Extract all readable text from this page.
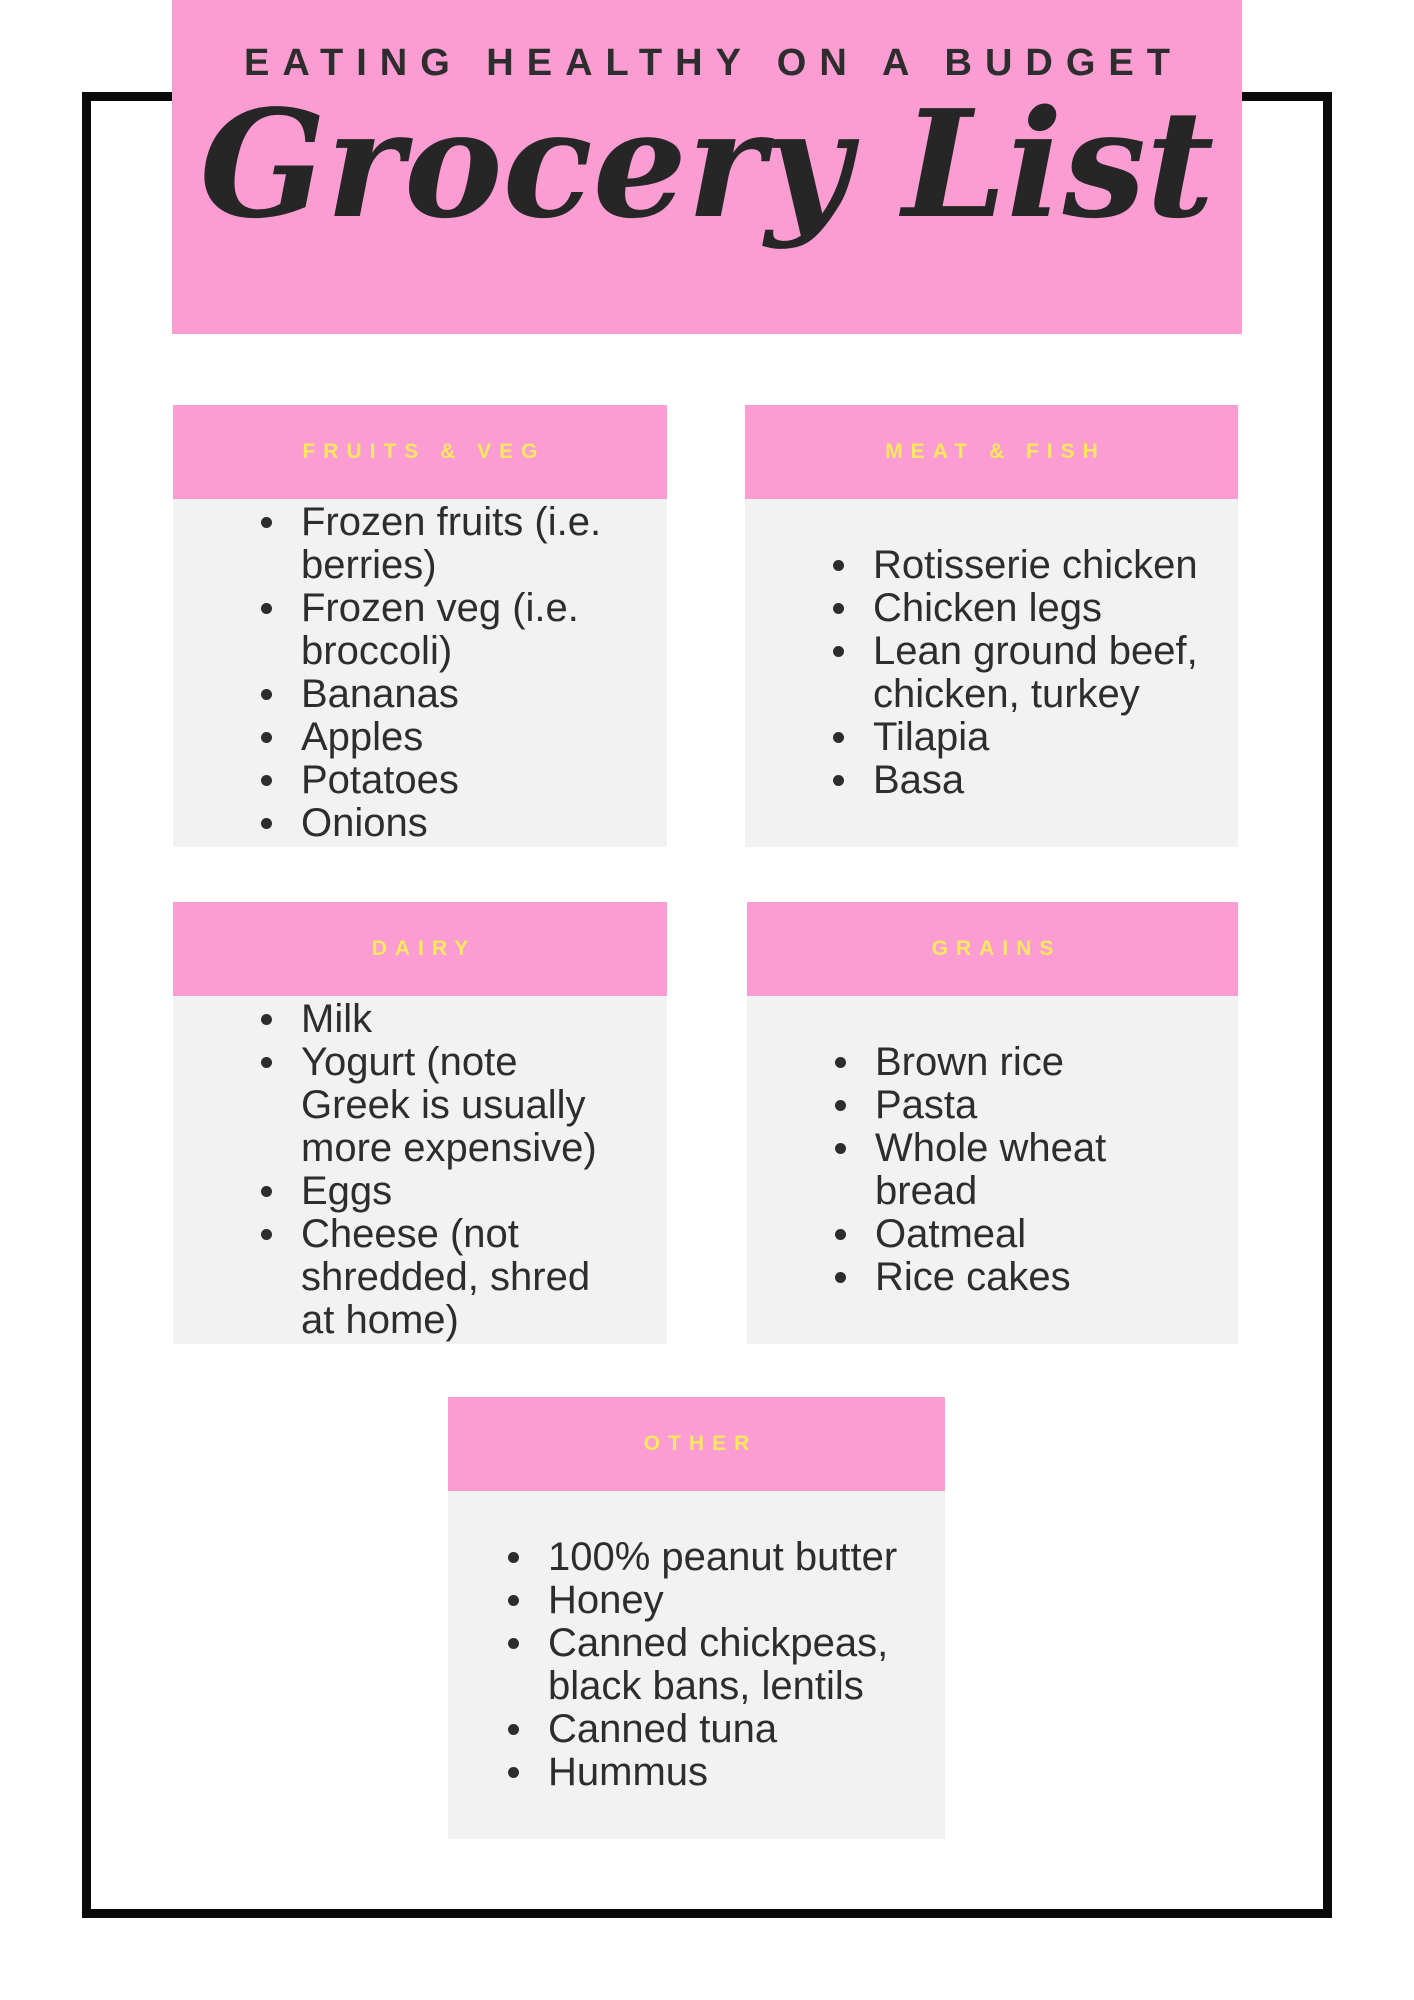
EATING HEALTHY ON A BUDGET
Grocery List
FRUITS & VEG
Frozen fruits (i.e.
berries)
Frozen veg (i.e.
broccoli)
Bananas
Apples
Potatoes
Onions
MEAT & FISH
Rotisserie chicken
Chicken legs
Lean ground beef,
chicken, turkey
Tilapia
Basa
DAIRY
Milk
Yogurt (note
Greek is usually
more expensive)
Eggs
Cheese (not
shredded, shred
at home)
GRAINS
Brown rice
Pasta
Whole wheat
bread
Oatmeal
Rice cakes
OTHER
100% peanut butter
Honey
Canned chickpeas,
black bans, lentils
Canned tuna
Hummus
